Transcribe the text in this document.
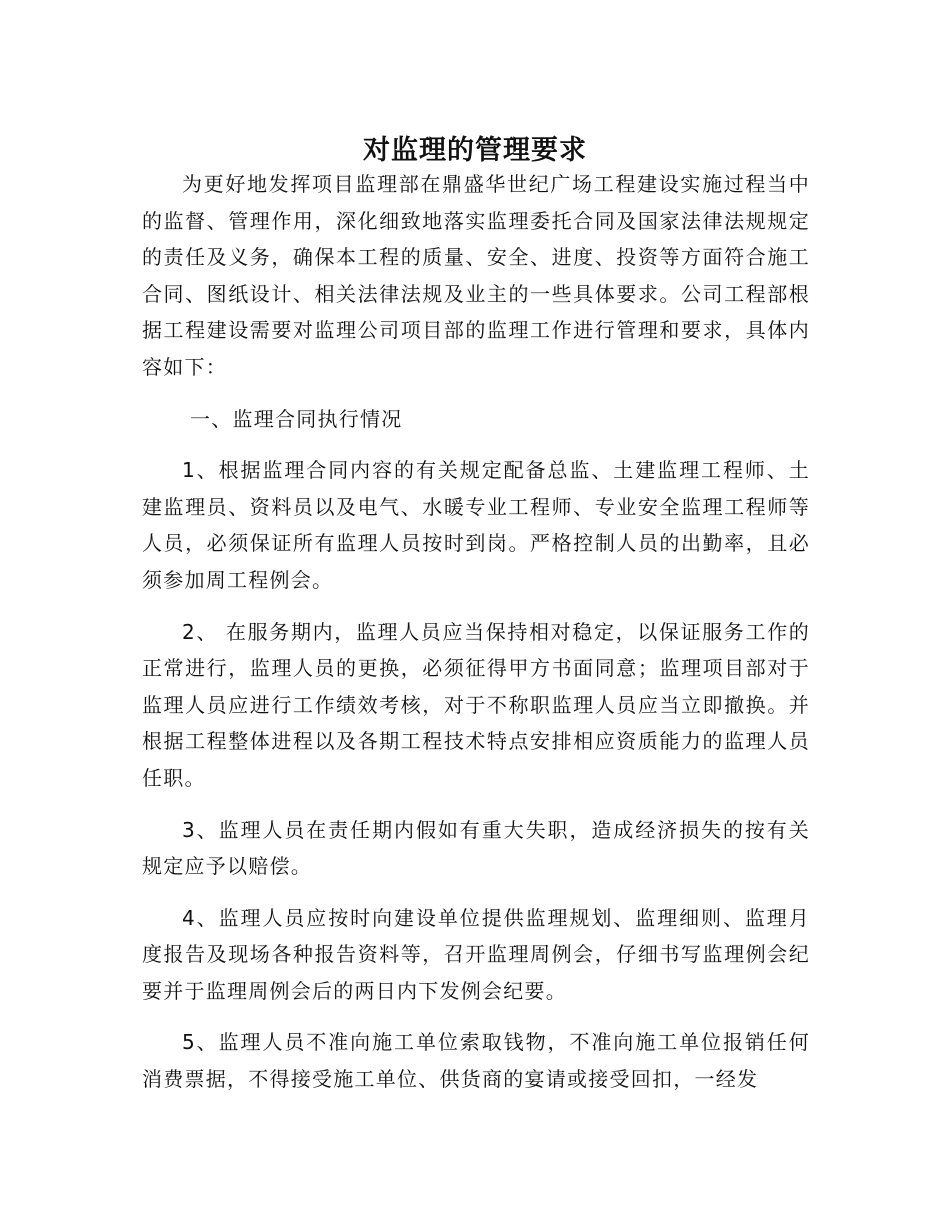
对监理的管理要求

为更好地发挥项目监理部在鼎盛华世纪广场工程建设实施过程当中的监督、管理作用，深化细致地落实监理委托合同及国家法律法规规定的责任及义务，确保本工程的质量、安全、进度、投资等方面符合施工合同、图纸设计、相关法律法规及业主的一些具体要求。公司工程部根据工程建设需要对监理公司项目部的监理工作进行管理和要求，具体内容如下：

一、监理合同执行情况

1、根据监理合同内容的有关规定配备总监、土建监理工程师、土建监理员、资料员以及电气、水暖专业工程师、专业安全监理工程师等人员，必须保证所有监理人员按时到岗。严格控制人员的出勤率，且必须参加周工程例会。

2、 在服务期内，监理人员应当保持相对稳定，以保证服务工作的正常进行，监理人员的更换，必须征得甲方书面同意；监理项目部对于监理人员应进行工作绩效考核，对于不称职监理人员应当立即撤换。并根据工程整体进程以及各期工程技术特点安排相应资质能力的监理人员任职。

3、监理人员在责任期内假如有重大失职，造成经济损失的按有关规定应予以赔偿。

4、监理人员应按时向建设单位提供监理规划、监理细则、监理月度报告及现场各种报告资料等，召开监理周例会，仔细书写监理例会纪要并于监理周例会后的两日内下发例会纪要。

5、监理人员不准向施工单位索取钱物，不准向施工单位报销任何消费票据，不得接受施工单位、供货商的宴请或接受回扣，一经发
